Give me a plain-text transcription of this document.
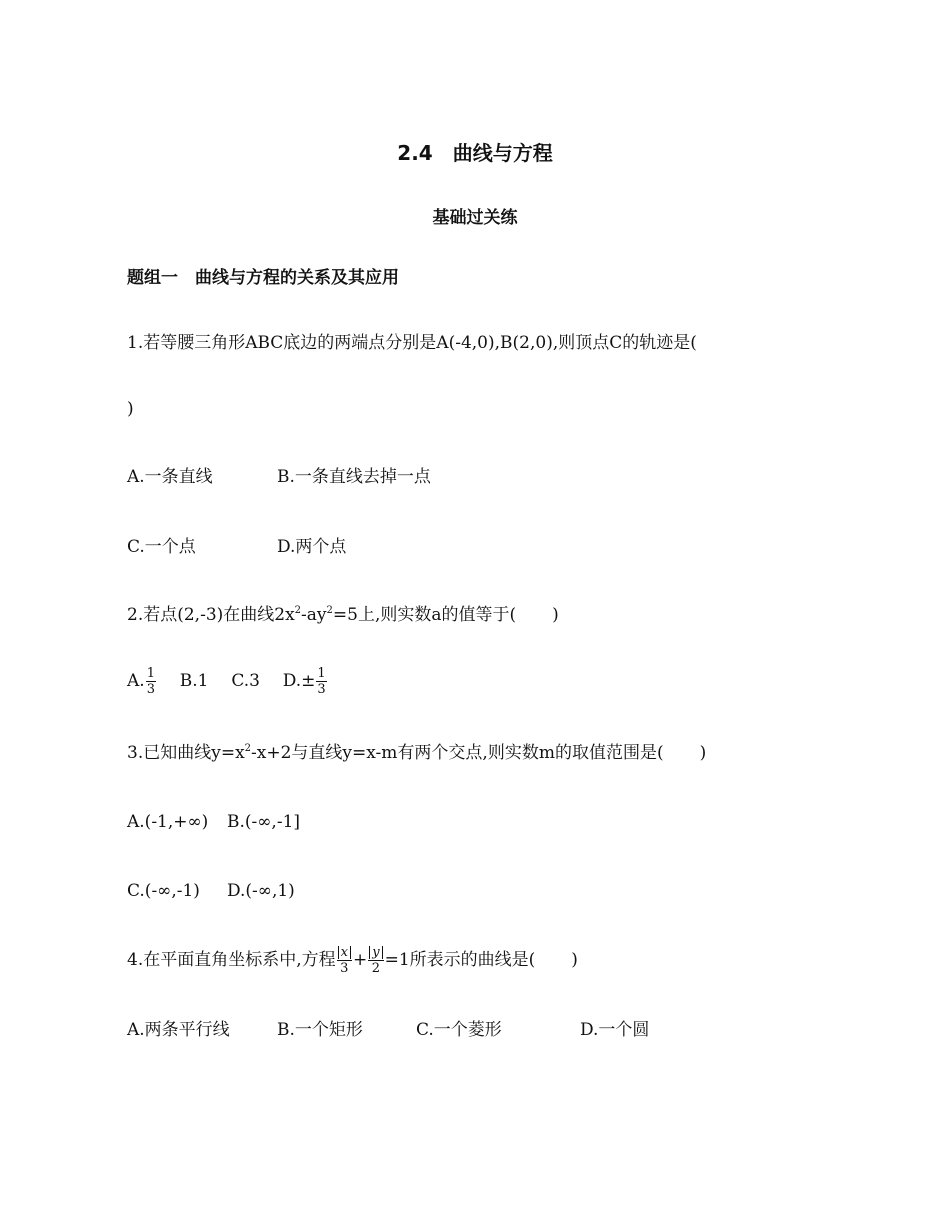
2.4　曲线与方程
基础过关练
题组一　曲线与方程的关系及其应用
1.若等腰三角形ABC底边的两端点分别是A(-4,0),B(2,0),则顶点C的轨迹是(
)
A.一条直线	B.一条直线去掉一点
C.一个点	D.两个点
2.若点(2,-3)在曲线$2x^2-ay^2=5$上,则实数a的值等于( )
A. $\frac{1}{3} B.1$ C.3 $D.\pm \frac{1}{3}$
3.已知曲线$y=x^2-x+2$与直线y=x-m有两个交点,则实数m的取值范围是( )
A.(-1,+∞) B.(-∞,-1]
C.(-∞,-1) D.(-∞,1)
4.在平面直角坐标系中,方程 $\frac{x}{3} + \frac{y}{2} =1$所表示的曲线是( )
A.两条平行线	B.一个矩形	C.一个菱形	D.一个圆
